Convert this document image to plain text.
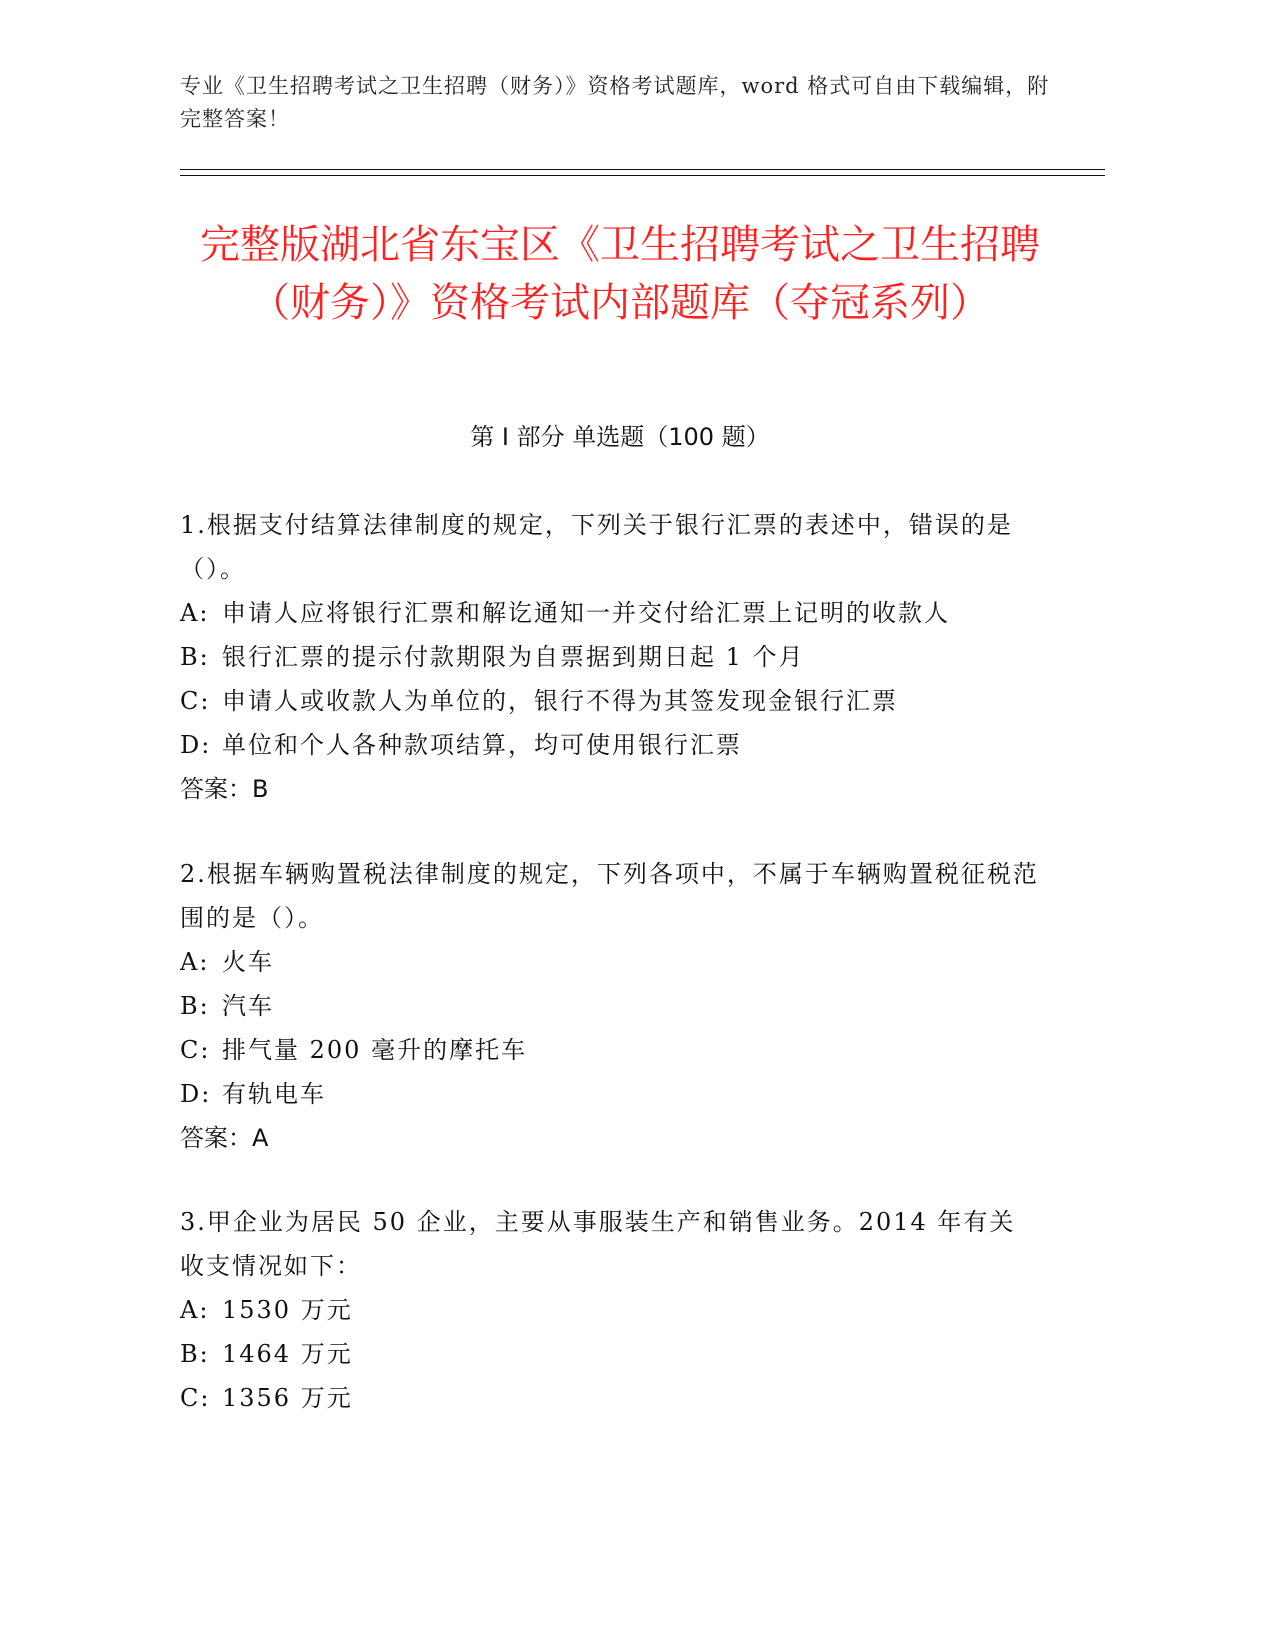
专业《卫生招聘考试之卫生招聘（财务）》资格考试题库，word 格式可自由下载编辑，附完整答案！
完整版湖北省东宝区《卫生招聘考试之卫生招聘（财务）》资格考试内部题库（夺冠系列）
第 I 部分 单选题（100 题）

1.根据支付结算法律制度的规定，下列关于银行汇票的表述中，错误的是（）。

A: 申请人应将银行汇票和解讫通知一并交付给汇票上记明的收款人

B: 银行汇票的提示付款期限为自票据到期日起 1 个月

C: 申请人或收款人为单位的，银行不得为其签发现金银行汇票

D: 单位和个人各种款项结算，均可使用银行汇票

答案：B

2.根据车辆购置税法律制度的规定，下列各项中，不属于车辆购置税征税范围的是（）。

A: 火车

B: 汽车

C: 排气量 200 毫升的摩托车

D: 有轨电车

答案：A

3.甲企业为居民 50 企业，主要从事服装生产和销售业务。2014 年有关收支情况如下：

A: 1530 万元

B: 1464 万元

C: 1356 万元
